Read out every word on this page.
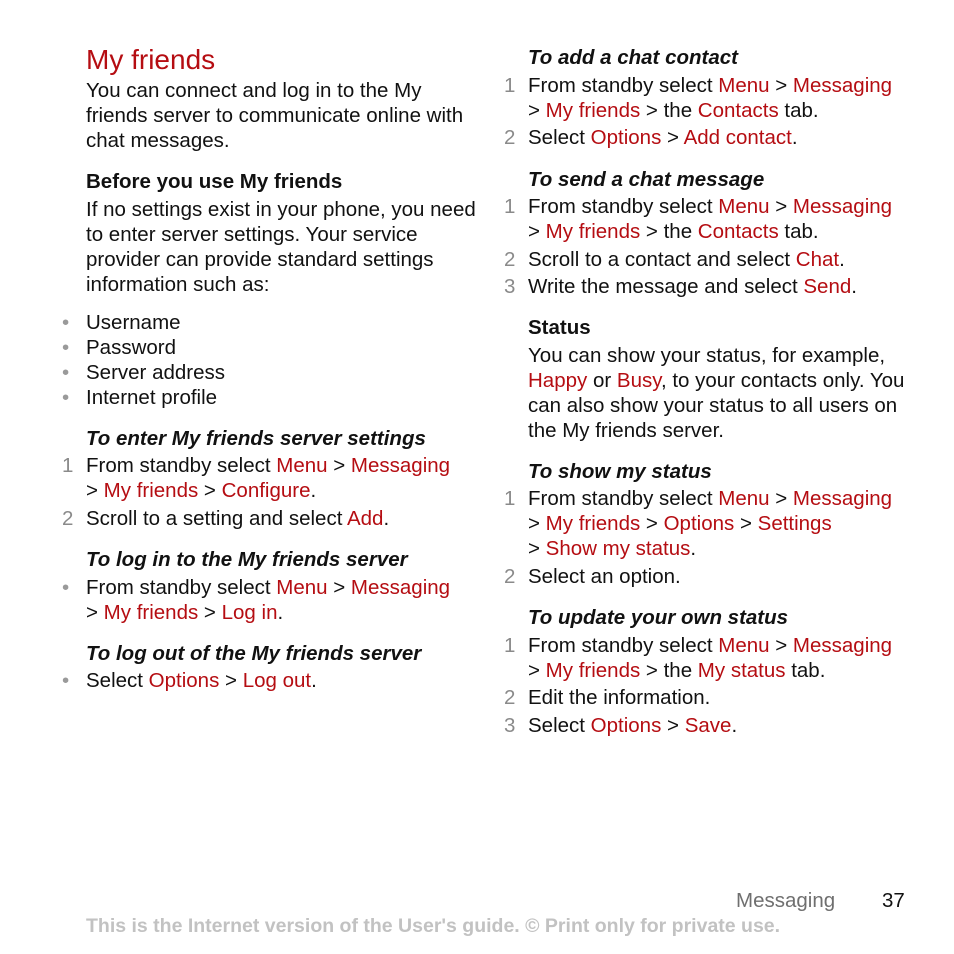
My friends

You can connect and log in to the My friends server to communicate online with chat messages.

Before you use My friends

If no settings exist in your phone, you need to enter server settings. Your service provider can provide standard settings information such as:

• Username
• Password
• Server address
• Internet profile

To enter My friends server settings

1 From standby select Menu > Messaging
> My friends > Configure.
2 Scroll to a setting and select Add.

To log in to the My friends server

• From standby select Menu > Messaging
> My friends > Log in.

To log out of the My friends server

• Select Options > Log out.

To add a chat contact

1 From standby select Menu > Messaging
> My friends > the Contacts tab.
2 Select Options > Add contact.

To send a chat message

1 From standby select Menu > Messaging
> My friends > the Contacts tab.
2 Scroll to a contact and select Chat.
3 Write the message and select Send.

Status

You can show your status, for example, Happy or Busy, to your contacts only. You can also show your status to all users on the My friends server.

To show my status

1 From standby select Menu > Messaging
> My friends > Options > Settings
> Show my status.
2 Select an option.

To update your own status

1 From standby select Menu > Messaging
> My friends > the My status tab.
2 Edit the information.
3 Select Options > Save.
Messaging 37
This is the Internet version of the User's guide. © Print only for private use.
